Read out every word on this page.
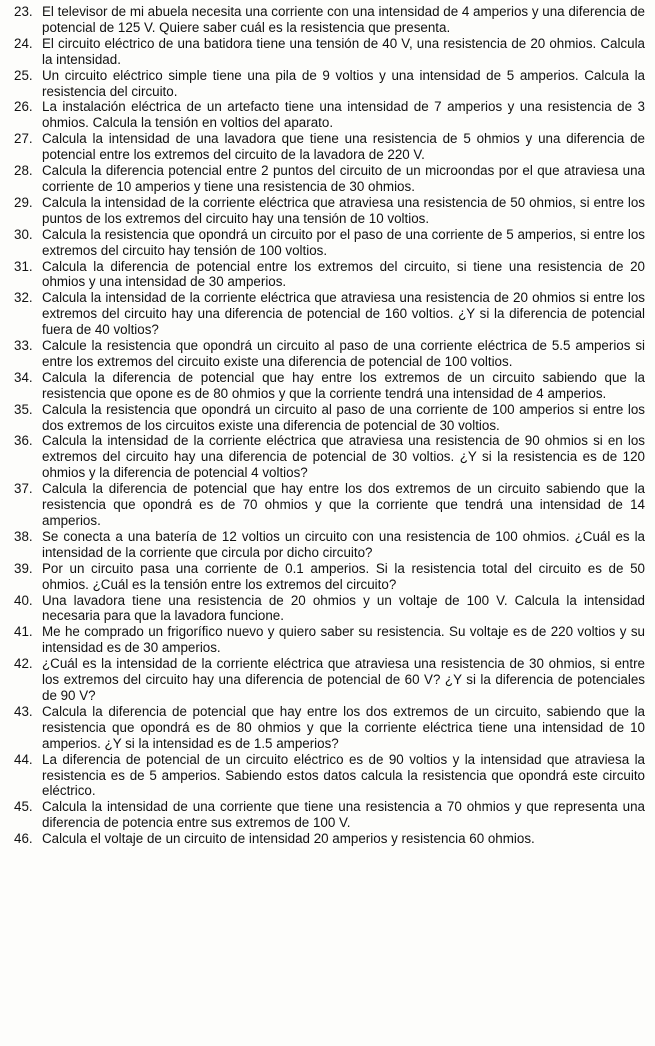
23. El televisor de mi abuela necesita una corriente con una intensidad de 4 amperios y una diferencia de potencial de 125 V. Quiere saber cuál es la resistencia que presenta.
24. El circuito eléctrico de una batidora tiene una tensión de 40 V, una resistencia de 20 ohmios. Calcula la intensidad.
25. Un circuito eléctrico simple tiene una pila de 9 voltios y una intensidad de 5 amperios. Calcula la resistencia del circuito.
26. La instalación eléctrica de un artefacto tiene una intensidad de 7 amperios y una resistencia de 3 ohmios. Calcula la tensión en voltios del aparato.
27. Calcula la intensidad de una lavadora que tiene una resistencia de 5 ohmios y una diferencia de potencial entre los extremos del circuito de la lavadora de 220 V.
28. Calcula la diferencia potencial entre 2 puntos del circuito de un microondas por el que atraviesa una corriente de 10 amperios y tiene una resistencia de 30 ohmios.
29. Calcula la intensidad de la corriente eléctrica que atraviesa una resistencia de 50 ohmios, si entre los puntos de los extremos del circuito hay una tensión de 10 voltios.
30. Calcula la resistencia que opondrá un circuito por el paso de una corriente de 5 amperios, si entre los extremos del circuito hay tensión de 100 voltios.
31. Calcula la diferencia de potencial entre los extremos del circuito, si tiene una resistencia de 20 ohmios y una intensidad de 30 amperios.
32. Calcula la intensidad de la corriente eléctrica que atraviesa una resistencia de 20 ohmios si entre los extremos del circuito hay una diferencia de potencial de 160 voltios. ¿Y si la diferencia de potencial fuera de 40 voltios?
33. Calcule la resistencia que opondrá un circuito al paso de una corriente eléctrica de 5.5 amperios si entre los extremos del circuito existe una diferencia de potencial de 100 voltios.
34. Calcula la diferencia de potencial que hay entre los extremos de un circuito sabiendo que la resistencia que opone es de 80 ohmios y que la corriente tendrá una intensidad de 4 amperios.
35. Calcula la resistencia que opondrá un circuito al paso de una corriente de 100 amperios si entre los dos extremos de los circuitos existe una diferencia de potencial de 30 voltios.
36. Calcula la intensidad de la corriente eléctrica que atraviesa una resistencia de 90 ohmios si en los extremos del circuito hay una diferencia de potencial de 30 voltios. ¿Y si la resistencia es de 120 ohmios y la diferencia de potencial 4 voltios?
37. Calcula la diferencia de potencial que hay entre los dos extremos de un circuito sabiendo que la resistencia que opondrá es de 70 ohmios y que la corriente que tendrá una intensidad de 14 amperios.
38. Se conecta a una batería de 12 voltios un circuito con una resistencia de 100 ohmios. ¿Cuál es la intensidad de la corriente que circula por dicho circuito?
39. Por un circuito pasa una corriente de 0.1 amperios. Si la resistencia total del circuito es de 50 ohmios. ¿Cuál es la tensión entre los extremos del circuito?
40. Una lavadora tiene una resistencia de 20 ohmios y un voltaje de 100 V. Calcula la intensidad necesaria para que la lavadora funcione.
41. Me he comprado un frigorífico nuevo y quiero saber su resistencia. Su voltaje es de 220 voltios y su intensidad es de 30 amperios.
42. ¿Cuál es la intensidad de la corriente eléctrica que atraviesa una resistencia de 30 ohmios, si entre los extremos del circuito hay una diferencia de potencial de 60 V? ¿Y si la diferencia de potenciales de 90 V?
43. Calcula la diferencia de potencial que hay entre los dos extremos de un circuito, sabiendo que la resistencia que opondrá es de 80 ohmios y que la corriente eléctrica tiene una intensidad de 10 amperios. ¿Y si la intensidad es de 1.5 amperios?
44. La diferencia de potencial de un circuito eléctrico es de 90 voltios y la intensidad que atraviesa la resistencia es de 5 amperios. Sabiendo estos datos calcula la resistencia que opondrá este circuito eléctrico.
45. Calcula la intensidad de una corriente que tiene una resistencia a 70 ohmios y que representa una diferencia de potencia entre sus extremos de 100 V.
46. Calcula el voltaje de un circuito de intensidad 20 amperios y resistencia 60 ohmios.
